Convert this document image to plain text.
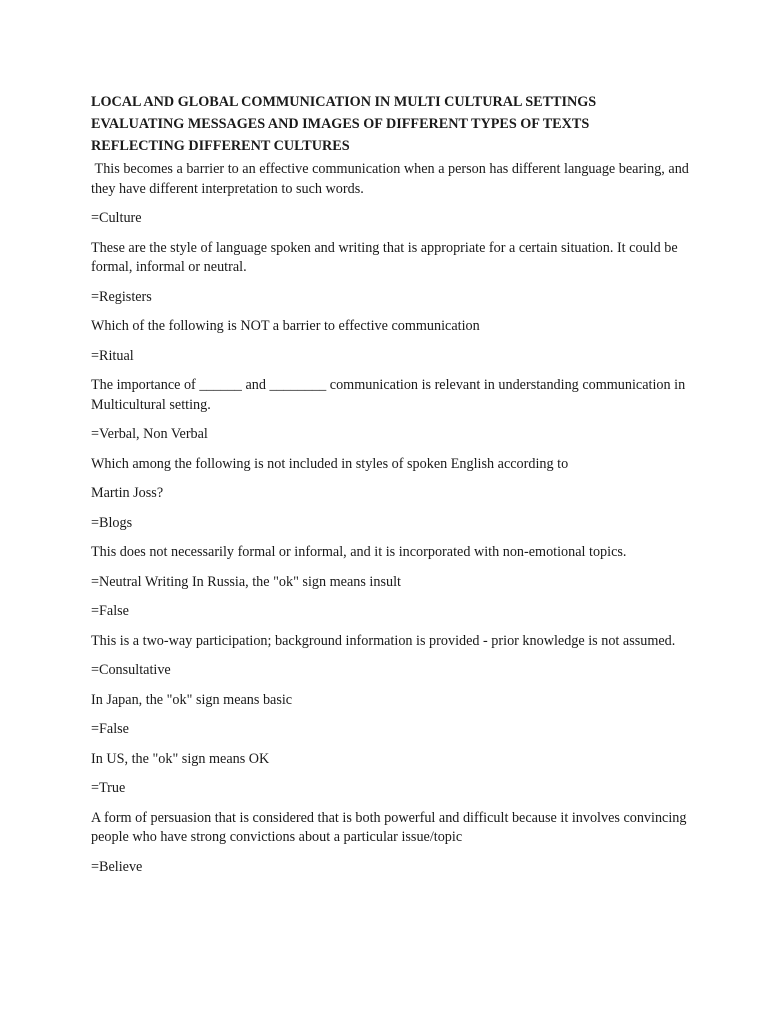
LOCAL AND GLOBAL COMMUNICATION IN MULTI CULTURAL SETTINGS
EVALUATING MESSAGES AND IMAGES OF DIFFERENT TYPES OF TEXTS
REFLECTING DIFFERENT CULTURES

This becomes a barrier to an effective communication when a person has different language bearing, and they have different interpretation to such words.

=Culture

These are the style of language spoken and writing that is appropriate for a certain situation. It could be formal, informal or neutral.

=Registers

Which of the following is NOT a barrier to effective communication

=Ritual

The importance of ______ and ________ communication is relevant in understanding communication in Multicultural setting.

=Verbal, Non Verbal

Which among the following is not included in styles of spoken English according to

Martin Joss?

=Blogs

This does not necessarily formal or informal, and it is incorporated with non-emotional topics.

=Neutral Writing In Russia, the "ok" sign means insult

=False

This is a two-way participation; background information is provided - prior knowledge is not assumed.

=Consultative

In Japan, the "ok" sign means basic

=False

In US, the "ok" sign means OK

=True

A form of persuasion that is considered that is both powerful and difficult because it involves convincing people who have strong convictions about a particular issue/topic

=Believe
